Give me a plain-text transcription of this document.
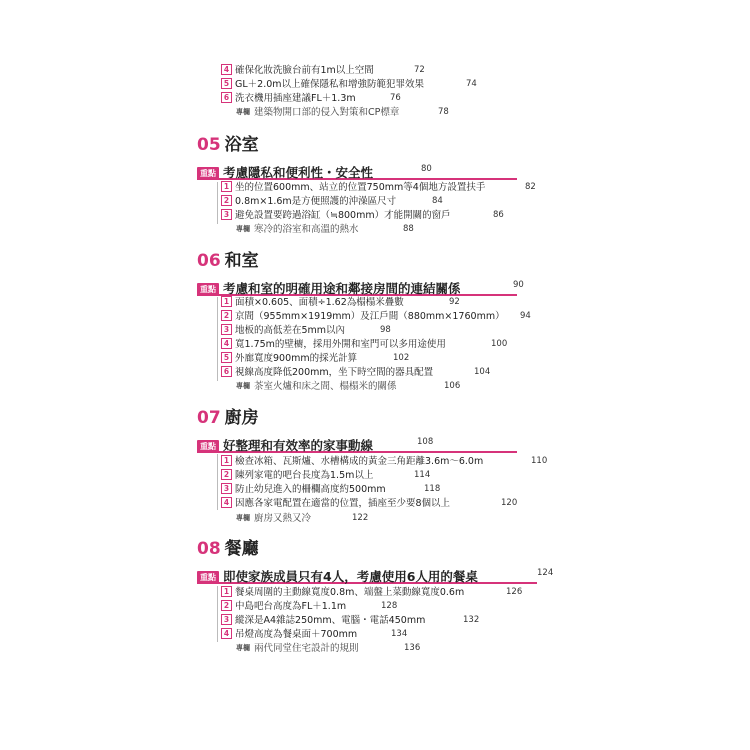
4 確保化妝洗臉台前有1m以上空間	72
5 GL＋2.0m以上確保隱私和增強防範犯罪效果	74
6 洗衣機用插座建議FL＋1.3m	76
專欄 建築物開口部的侵入對策和CP標章	78
05 浴室
重點 考慮隱私和便利性・安全性	80
1 坐的位置600mm、站立的位置750mm等4個地方設置扶手	82
2 0.8m×1.6m是方便照護的沖澡區尺寸	84
3 避免設置要跨過浴缸（≒800mm）才能開關的窗戶	86
專欄 寒冷的浴室和高溫的熱水	88
06 和室
重點 考慮和室的明確用途和鄰接房間的連結關係	90
1 面積×0.605、面積÷1.62為榻榻米疊數	92
2 京間（955mm×1919mm）及江戶間（880mm×1760mm） 94
3 地板的高低差在5mm以內	98
4 寬1.75m的壁櫥，採用外開和室門可以多用途使用	100
5 外廊寬度900mm的採光計算	102
6 視線高度降低200mm，坐下時空間的器具配置	104
專欄 茶室火爐和床之間、榻榻米的關係	106
07 廚房
重點 好整理和有效率的家事動線	108
1 檢查冰箱、瓦斯爐、水槽構成的黃金三角距離3.6m～6.0m	110
2 陳列家電的吧台長度為1.5m以上	114
3 防止幼兒進入的柵欄高度約500mm	118
4 因應各家電配置在適當的位置，插座至少要8個以上	120
專欄 廚房又熱又冷	122
08 餐廳
重點 即使家族成員只有4人，考慮使用6人用的餐桌	124
1 餐桌周圍的主動線寬度0.8m、端盤上菜動線寬度0.6m	126
2 中島吧台高度為FL＋1.1m	128
3 縱深是A4雜誌250mm、電腦・電話450mm	132
4 吊燈高度為餐桌面＋700mm	134
專欄 兩代同堂住宅設計的規則	136
